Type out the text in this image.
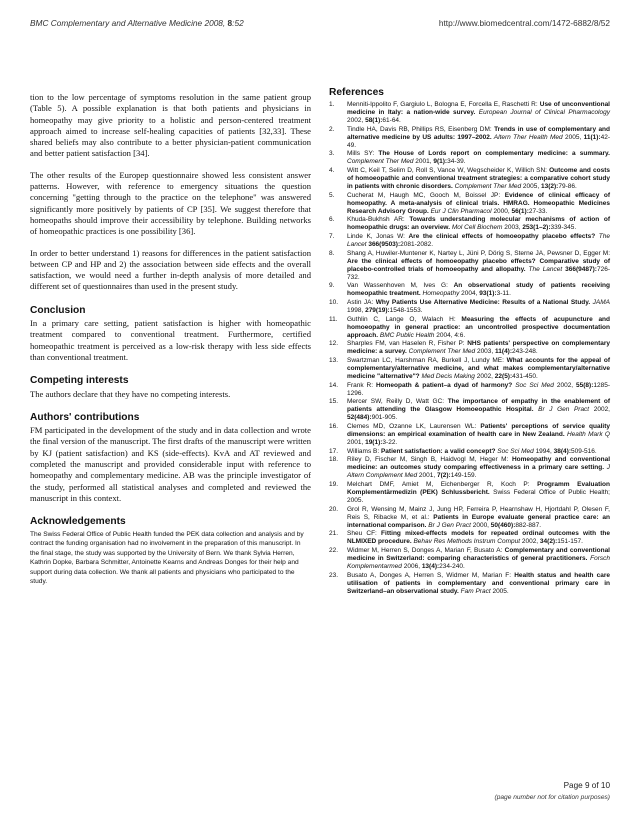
BMC Complementary and Alternative Medicine 2008, 8:52	http://www.biomedcentral.com/1472-6882/8/52

tion to the low percentage of symptoms resolution in the same patient group (Table 5). A possible explanation is that both patients and physicians in homeopathy may give priority to a holistic and person-centered treatment approach aimed to increase self-healing capacities of patients [32,33]. These shared beliefs may also contribute to a better physician-patient communication and better patient satisfaction [34].

The other results of the Europep questionnaire showed less consistent answer patterns. However, with reference to emergency situations the question concerning "getting through to the practice on the telephone" was answered significantly more positively by patients of CP [35]. We suggest therefore that homeopaths should improve their accessibility by telephone. Building networks of homeopathic practices is one possibility [36].

In order to better understand 1) reasons for differences in the patient satisfaction between CP and HP and 2) the association between side effects and the overall satisfaction, we would need a further in-depth analysis of more detailed and different set of questionnaires than used in the present study.

Conclusion

In a primary care setting, patient satisfaction is higher with homeopathic treatment compared to conventional treatment. Furthermore, certified homeopathic treatment is perceived as a low-risk therapy with less side effects than conventional treatment.

Competing interests

The authors declare that they have no competing interests.

Authors' contributions

FM participated in the development of the study and in data collection and wrote the final version of the manuscript. The first drafts of the manuscript were written by KJ (patient satisfaction) and KS (side-effects). KvA and AT reviewed and completed the manuscript and provided considerable input with reference to homeopathy and complementary medicine. AB was the principle investigator of the study, performed all statistical analyses and completed and reviewed the manuscript in this context.

Acknowledgements

The Swiss Federal Office of Public Health funded the PEK data collection and analysis and by contract the funding organisation had no involvement in the preparation of this manuscript. In the final stage, the study was supported by the University of Bern. We thank Sylvia Herren, Kathrin Dopke, Barbara Schmitter, Antoinette Kearns and Andreas Donges for their help and support during data collection. We thank all patients and physicians who participated to the study.

References
1.	Menniti-Ippolito F, Gargiulo L, Bologna E, Forcella E, Raschetti R: Use of unconventional medicine in Italy: a nation-wide survey. European Journal of Clinical Pharmacology 2002, 58(1):61-64.
2.	Tindle HA, Davis RB, Phillips RS, Eisenberg DM: Trends in use of complementary and alternative medicine by US adults: 1997–2002. Altern Ther Health Med 2005, 11(1):42-49.
3.	Mills SY: The House of Lords report on complementary medicine: a summary. Complement Ther Med 2001, 9(1):34-39.
4.	Witt C, Keil T, Selim D, Roll S, Vance W, Wegscheider K, Willich SN: Outcome and costs of homoeopathic and conventional treatment strategies: a comparative cohort study in patients with chronic disorders. Complement Ther Med 2005, 13(2):79-86.
5.	Cucherat M, Haugh MC, Gooch M, Boissel JP: Evidence of clinical efficacy of homeopathy. A meta-analysis of clinical trials. HMRAG. Homeopathic Medicines Research Advisory Group. Eur J Clin Pharmacol 2000, 56(1):27-33.
6.	Khuda-Bukhsh AR: Towards understanding molecular mechanisms of action of homeopathic drugs: an overview. Mol Cell Biochem 2003, 253(1–2):339-345.
7.	Linde K, Jonas W: Are the clinical effects of homoeopathy placebo effects? The Lancet 366(9503):2081-2082.
8.	Shang A, Huwiler-Muntener K, Nartey L, Jüni P, Dörig S, Sterne JA, Pewsner D, Egger M: Are the clinical effects of homoeopathy placebo effects? Comparative study of placebo-controlled trials of homoeopathy and allopathy. The Lancet 366(9487):726-732.
9.	Van Wassenhoven M, Ives G: An observational study of patients receiving homeopathic treatment. Homeopathy 2004, 93(1):3-11.
10.	Astin JA: Why Patients Use Alternative Medicine: Results of a National Study. JAMA 1998, 279(19):1548-1553.
11.	Guthlin C, Lange O, Walach H: Measuring the effects of acupuncture and homoeopathy in general practice: an uncontrolled prospective documentation approach. BMC Public Health 2004, 4:6.
12.	Sharples FM, van Haselen R, Fisher P: NHS patients' perspective on complementary medicine: a survey. Complement Ther Med 2003, 11(4):243-248.
13.	Swartzman LC, Harshman RA, Burkell J, Lundy ME: What accounts for the appeal of complementary/alternative medicine, and what makes complementary/alternative medicine "alternative"? Med Decis Making 2002, 22(5):431-450.
14.	Frank R: Homeopath & patient–a dyad of harmony? Soc Sci Med 2002, 55(8):1285-1296.
15.	Mercer SW, Reilly D, Watt GC: The importance of empathy in the enablement of patients attending the Glasgow Homoeopathic Hospital. Br J Gen Pract 2002, 52(484):901-905.
16.	Clemes MD, Ozanne LK, Laurensen WL: Patients' perceptions of service quality dimensions: an empirical examination of health care in New Zealand. Health Mark Q 2001, 19(1):3-22.
17.	Williams B: Patient satisfaction: a valid concept? Soc Sci Med 1994, 38(4):509-516.
18.	Riley D, Fischer M, Singh B, Haidvogl M, Heger M: Homeopathy and conventional medicine: an outcomes study comparing effectiveness in a primary care setting. J Altern Complement Med 2001, 7(2):149-159.
19.	Melchart DMF, Amiet M, Eichenberger R, Koch P: Programm Evaluation Komplementärmedizin (PEK) Schlussbericht. Swiss Federal Office of Public Health; 2005.
20.	Grol R, Wensing M, Mainz J, Jung HP, Ferreira P, Hearnshaw H, Hjortdahl P, Olesen F, Reis S, Ribacke M, et al.: Patients in Europe evaluate general practice care: an international comparison. Br J Gen Pract 2000, 50(460):882-887.
21.	Sheu CF: Fitting mixed-effects models for repeated ordinal outcomes with the NLMIXED procedure. Behav Res Methods Instrum Comput 2002, 34(2):151-157.
22.	Widmer M, Herren S, Donges A, Marian F, Busato A: Complementary and conventional medicine in Switzerland: comparing characteristics of general practitioners. Forsch Komplementarmed 2006, 13(4):234-240.
23.	Busato A, Donges A, Herren S, Widmer M, Marian F: Health status and health care utilisation of patients in complementary and conventional primary care in Switzerland–an observational study. Fam Pract 2005.
Page 9 of 10
(page number not for citation purposes)
